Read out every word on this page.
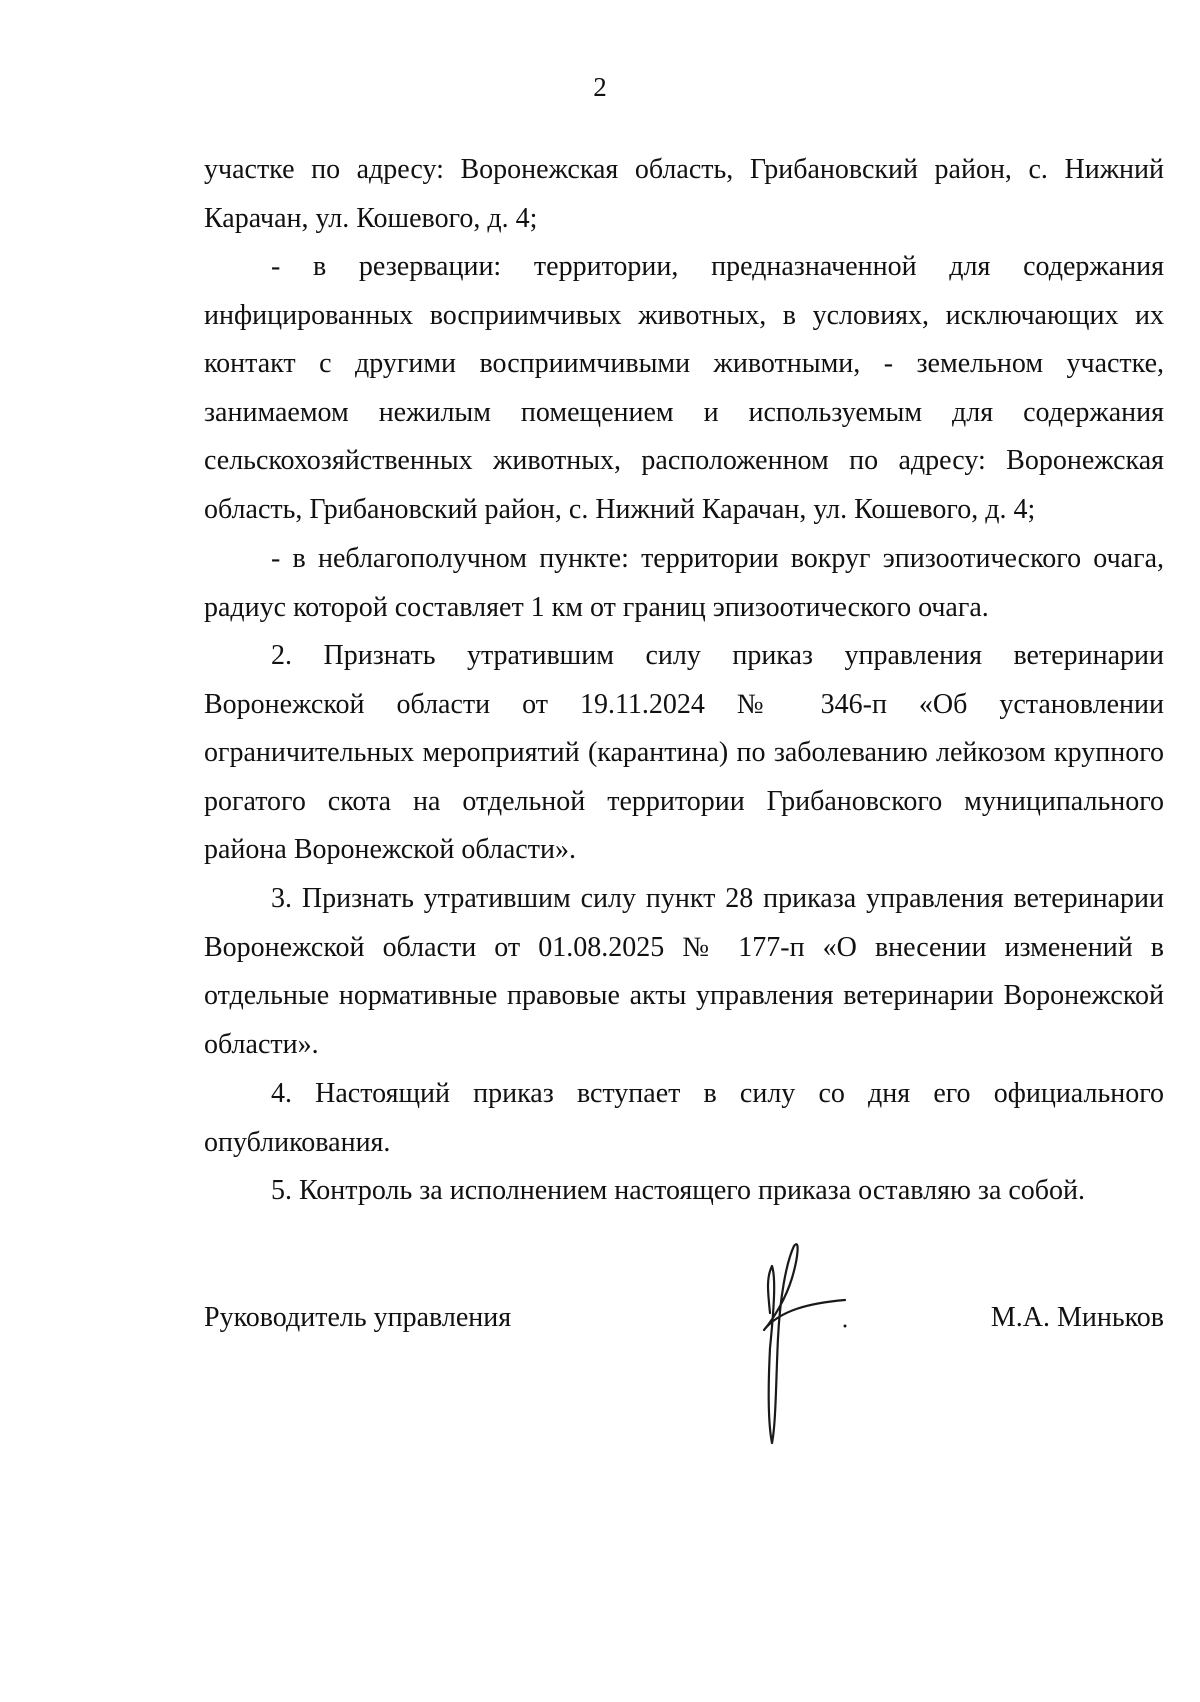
2

участке по адресу: Воронежская область, Грибановский район, с. Нижний Карачан, ул. Кошевого, д. 4;

- в резервации: территории, предназначенной для содержания инфицированных восприимчивых животных, в условиях, исключающих их контакт с другими восприимчивыми животными, - земельном участке, занимаемом нежилым помещением и используемым для содержания сельскохозяйственных животных, расположенном по адресу: Воронежская область, Грибановский район, с. Нижний Карачан, ул. Кошевого, д. 4;

- в неблагополучном пункте: территории вокруг эпизоотического очага, радиус которой составляет 1 км от границ эпизоотического очага.

2. Признать утратившим силу приказ управления ветеринарии Воронежской области от 19.11.2024 № 346-п «Об установлении ограничительных мероприятий (карантина) по заболеванию лейкозом крупного рогатого скота на отдельной территории Грибановского муниципального района Воронежской области».

3. Признать утратившим силу пункт 28 приказа управления ветеринарии Воронежской области от 01.08.2025 № 177-п «О внесении изменений в отдельные нормативные правовые акты управления ветеринарии Воронежской области».

4. Настоящий приказ вступает в силу со дня его официального опубликования.

5. Контроль за исполнением настоящего приказа оставляю за собой.

Руководитель управления	М.А. Миньков
